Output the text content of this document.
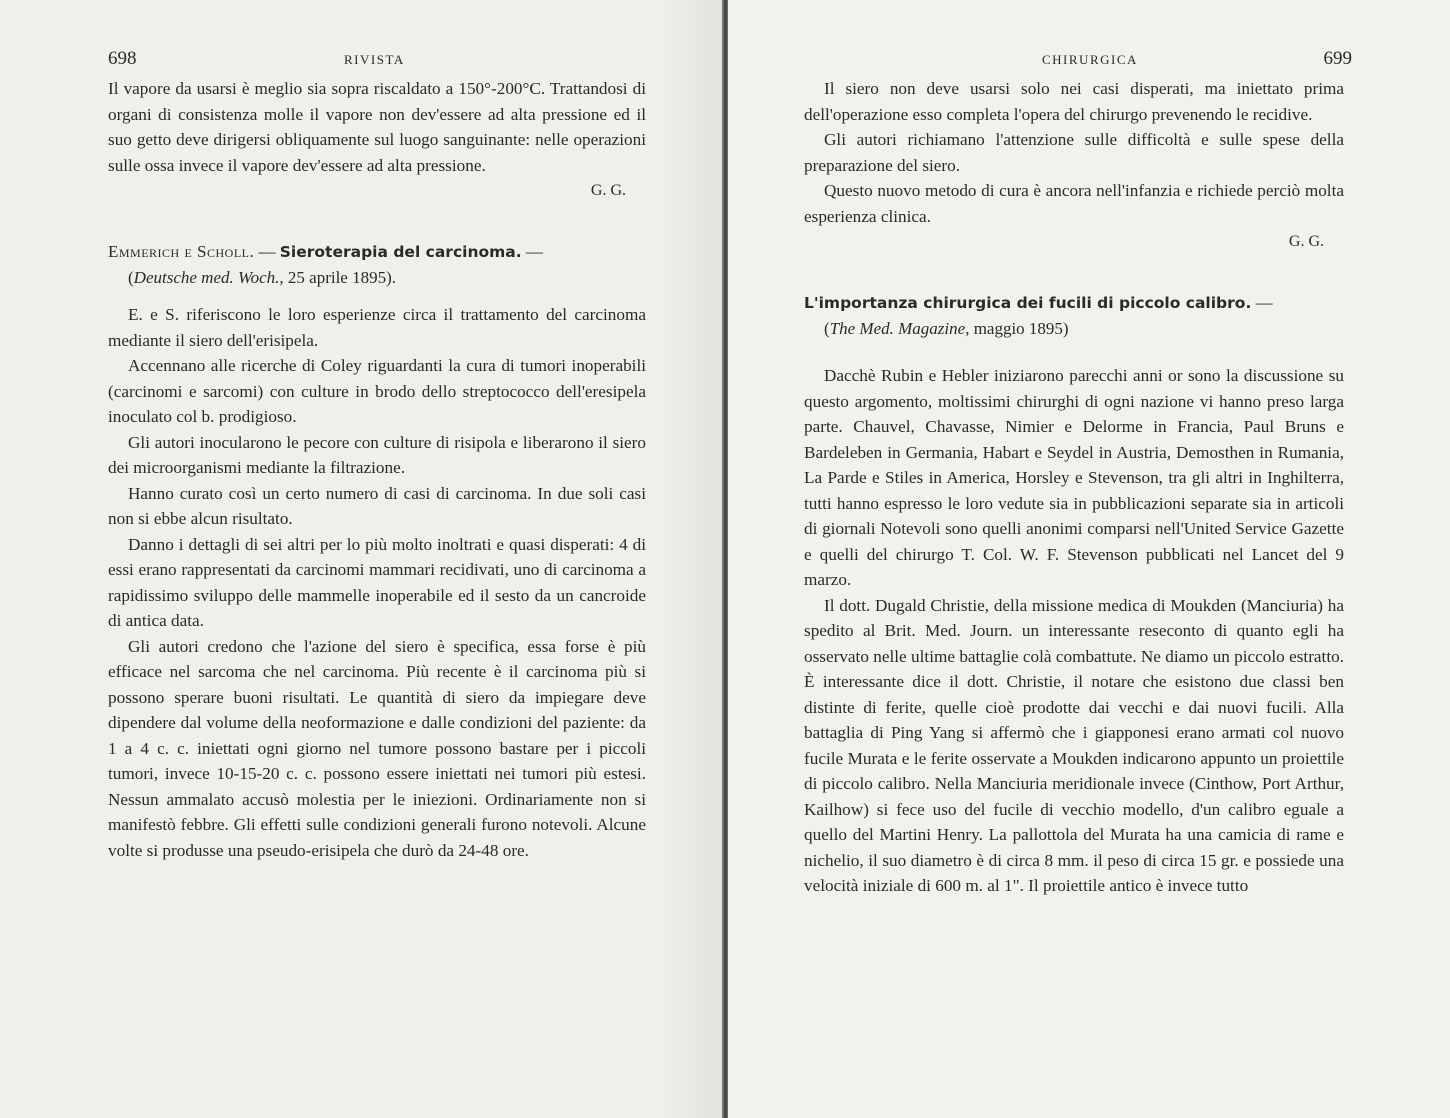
698	RIVISTA

Il vapore da usarsi è meglio sia sopra riscaldato a 150°-200°C. Trattandosi di organi di consistenza molle il vapore non dev'essere ad alta pressione ed il suo getto deve dirigersi obliquamente sul luogo sanguinante: nelle operazioni sulle ossa invece il vapore dev'essere ad alta pressione.

G. G.
Emmerich e Scholl. — Sieroterapia del carcinoma. —
(Deutsche med. Woch., 25 aprile 1895).

E. e S. riferiscono le loro esperienze circa il trattamento del carcinoma mediante il siero dell'erisipela.

Accennano alle ricerche di Coley riguardanti la cura di tumori inoperabili (carcinomi e sarcomi) con culture in brodo dello streptococco dell'eresipela inoculato col b. prodigioso.

Gli autori inocularono le pecore con culture di risipola e liberarono il siero dei microorganismi mediante la filtrazione.

Hanno curato così un certo numero di casi di carcinoma. In due soli casi non si ebbe alcun risultato.

Danno i dettagli di sei altri per lo più molto inoltrati e quasi disperati: 4 di essi erano rappresentati da carcinomi mammari recidivati, uno di carcinoma a rapidissimo sviluppo delle mammelle inoperabile ed il sesto da un cancroide di antica data.

Gli autori credono che l'azione del siero è specifica, essa forse è più efficace nel sarcoma che nel carcinoma. Più recente è il carcinoma più si possono sperare buoni risultati. Le quantità di siero da impiegare deve dipendere dal volume della neoformazione e dalle condizioni del paziente: da 1 a 4 c. c. iniettati ogni giorno nel tumore possono bastare per i piccoli tumori, invece 10-15-20 c. c. possono essere iniettati nei tumori più estesi. Nessun ammalato accusò molestia per le iniezioni. Ordinariamente non si manifestò febbre. Gli effetti sulle condizioni generali furono notevoli. Alcune volte si produsse una pseudo-erisipela che durò da 24-48 ore.

CHIRURGICA	699

Il siero non deve usarsi solo nei casi disperati, ma iniettato prima dell'operazione esso completa l'opera del chirurgo prevenendo le recidive.

Gli autori richiamano l'attenzione sulle difficoltà e sulle spese della preparazione del siero.

Questo nuovo metodo di cura è ancora nell'infanzia e richiede perciò molta esperienza clinica.

G. G.
L'importanza chirurgica dei fucili di piccolo calibro. —
(The Med. Magazine, maggio 1895)

Dacchè Rubin e Hebler iniziarono parecchi anni or sono la discussione su questo argomento, moltissimi chirurghi di ogni nazione vi hanno preso larga parte. Chauvel, Chavasse, Nimier e Delorme in Francia, Paul Bruns e Bardeleben in Germania, Habart e Seydel in Austria, Demosthen in Rumania, La Parde e Stiles in America, Horsley e Stevenson, tra gli altri in Inghilterra, tutti hanno espresso le loro vedute sia in pubblicazioni separate sia in articoli di giornali Notevoli sono quelli anonimi comparsi nell'United Service Gazette e quelli del chirurgo T. Col. W. F. Stevenson pubblicati nel Lancet del 9 marzo.

Il dott. Dugald Christie, della missione medica di Moukden (Manciuria) ha spedito al Brit. Med. Journ. un interessante reseconto di quanto egli ha osservato nelle ultime battaglie colà combattute. Ne diamo un piccolo estratto. È interessante dice il dott. Christie, il notare che esistono due classi ben distinte di ferite, quelle cioè prodotte dai vecchi e dai nuovi fucili. Alla battaglia di Ping Yang si affermò che i giapponesi erano armati col nuovo fucile Murata e le ferite osservate a Moukden indicarono appunto un proiettile di piccolo calibro. Nella Manciuria meridionale invece (Cinthow, Port Arthur, Kailhow) si fece uso del fucile di vecchio modello, d'un calibro eguale a quello del Martini Henry. La pallottola del Murata ha una camicia di rame e nichelio, il suo diametro è di circa 8 mm. il peso di circa 15 gr. e possiede una velocità iniziale di 600 m. al 1". Il proiettile antico è invece tutto
